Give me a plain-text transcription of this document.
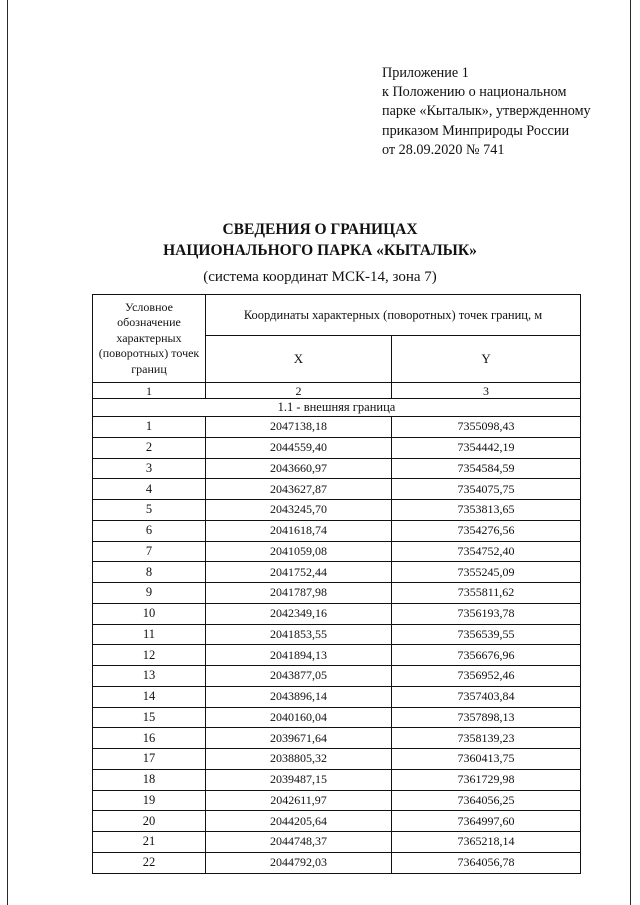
Приложение 1
к Положению о национальном
парке «Кыталык», утвержденному
приказом Минприроды России
от 28.09.2020 № 741
СВЕДЕНИЯ О ГРАНИЦАХ
НАЦИОНАЛЬНОГО ПАРКА «КЫТАЛЫК»
(система координат МСК-14, зона 7)
Условное обозначение характерных (поворотных) точек границ	Координаты характерных (поворотных) точек границ, м	
	X	Y
1	2	3
1.1 - внешняя граница		
1	2047138,18	7355098,43
2	2044559,40	7354442,19
3	2043660,97	7354584,59
4	2043627,87	7354075,75
5	2043245,70	7353813,65
6	2041618,74	7354276,56
7	2041059,08	7354752,40
8	2041752,44	7355245,09
9	2041787,98	7355811,62
10	2042349,16	7356193,78
11	2041853,55	7356539,55
12	2041894,13	7356676,96
13	2043877,05	7356952,46
14	2043896,14	7357403,84
15	2040160,04	7357898,13
16	2039671,64	7358139,23
17	2038805,32	7360413,75
18	2039487,15	7361729,98
19	2042611,97	7364056,25
20	2044205,64	7364997,60
21	2044748,37	7365218,14
22	2044792,03	7364056,78
